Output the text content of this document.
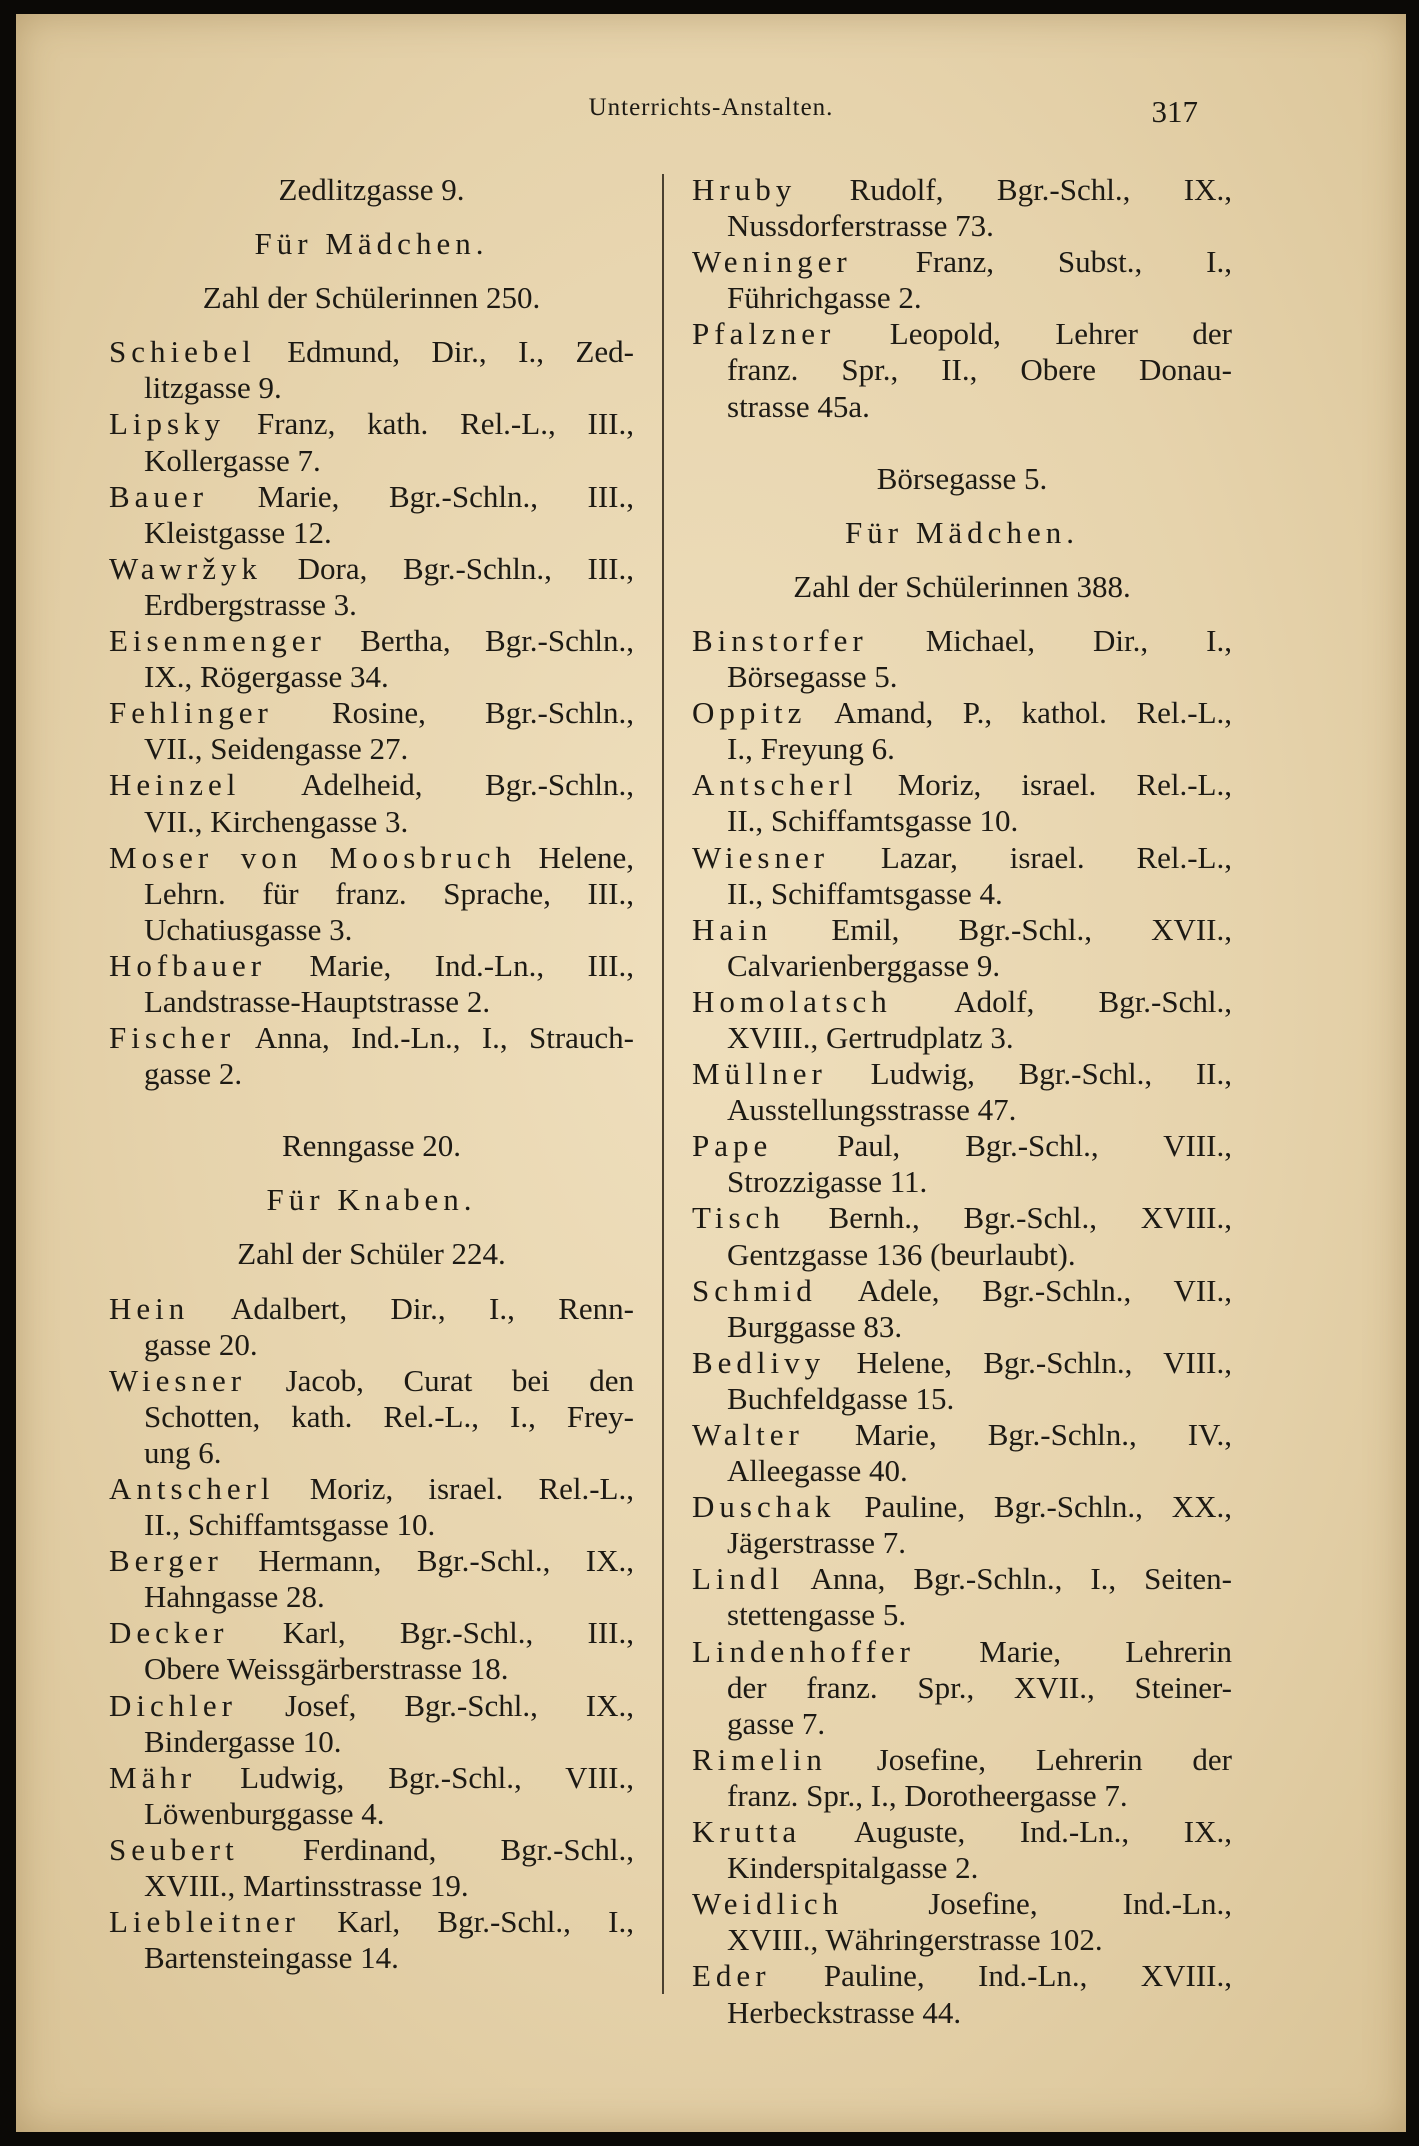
Unterrichts-Anstalten.	317

Zedlitzgasse 9.

Für Mädchen.

Zahl der Schülerinnen 250.

Schiebel Edmund, Dir., I., Zed-
litzgasse 9.
Lipsky Franz, kath. Rel.-L., III.,
Kollergasse 7.
Bauer Marie, Bgr.-Schln., III.,
Kleistgasse 12.
Wawržyk Dora, Bgr.-Schln., III.,
Erdbergstrasse 3.
Eisenmenger Bertha, Bgr.-Schln.,
IX., Rögergasse 34.
Fehlinger Rosine, Bgr.-Schln.,
VII., Seidengasse 27.
Heinzel Adelheid, Bgr.-Schln.,
VII., Kirchengasse 3.
Moser von Moosbruch Helene,
Lehrn. für franz. Sprache, III.,
Uchatiusgasse 3.
Hofbauer Marie, Ind.-Ln., III.,
Landstrasse-Hauptstrasse 2.
Fischer Anna, Ind.-Ln., I., Strauch-
gasse 2.

Renngasse 20.

Für Knaben.

Zahl der Schüler 224.

Hein Adalbert, Dir., I., Renn-
gasse 20.
Wiesner Jacob, Curat bei den
Schotten, kath. Rel.-L., I., Frey-
ung 6.
Antscherl Moriz, israel. Rel.-L.,
II., Schiffamtsgasse 10.
Berger Hermann, Bgr.-Schl., IX.,
Hahngasse 28.
Decker Karl, Bgr.-Schl., III.,
Obere Weissgärberstrasse 18.
Dichler Josef, Bgr.-Schl., IX.,
Bindergasse 10.
Mähr Ludwig, Bgr.-Schl., VIII.,
Löwenburggasse 4.
Seubert Ferdinand, Bgr.-Schl.,
XVIII., Martinsstrasse 19.
Liebleitner Karl, Bgr.-Schl., I.,
Bartensteingasse 14.
Hruby Rudolf, Bgr.-Schl., IX.,
Nussdorferstrasse 73.
Weninger Franz, Subst., I.,
Führichgasse 2.
Pfalzner Leopold, Lehrer der
franz. Spr., II., Obere Donau-
strasse 45a.

Börsegasse 5.

Für Mädchen.

Zahl der Schülerinnen 388.

Binstorfer Michael, Dir., I.,
Börsegasse 5.
Oppitz Amand, P., kathol. Rel.-L.,
I., Freyung 6.
Antscherl Moriz, israel. Rel.-L.,
II., Schiffamtsgasse 10.
Wiesner Lazar, israel. Rel.-L.,
II., Schiffamtsgasse 4.
Hain Emil, Bgr.-Schl., XVII.,
Calvarienberggasse 9.
Homolatsch Adolf, Bgr.-Schl.,
XVIII., Gertrudplatz 3.
Müllner Ludwig, Bgr.-Schl., II.,
Ausstellungsstrasse 47.
Pape Paul, Bgr.-Schl., VIII.,
Strozzigasse 11.
Tisch Bernh., Bgr.-Schl., XVIII.,
Gentzgasse 136 (beurlaubt).
Schmid Adele, Bgr.-Schln., VII.,
Burggasse 83.
Bedlivy Helene, Bgr.-Schln., VIII.,
Buchfeldgasse 15.
Walter Marie, Bgr.-Schln., IV.,
Alleegasse 40.
Duschak Pauline, Bgr.-Schln., XX.,
Jägerstrasse 7.
Lindl Anna, Bgr.-Schln., I., Seiten-
stettengasse 5.
Lindenhoffer Marie, Lehrerin
der franz. Spr., XVII., Steiner-
gasse 7.
Rimelin Josefine, Lehrerin der
franz. Spr., I., Dorotheergasse 7.
Krutta Auguste, Ind.-Ln., IX.,
Kinderspitalgasse 2.
Weidlich	Josefine, Ind.-Ln.,
XVIII., Währingerstrasse 102.
Eder Pauline, Ind.-Ln., XVIII.,
Herbeckstrasse 44.
